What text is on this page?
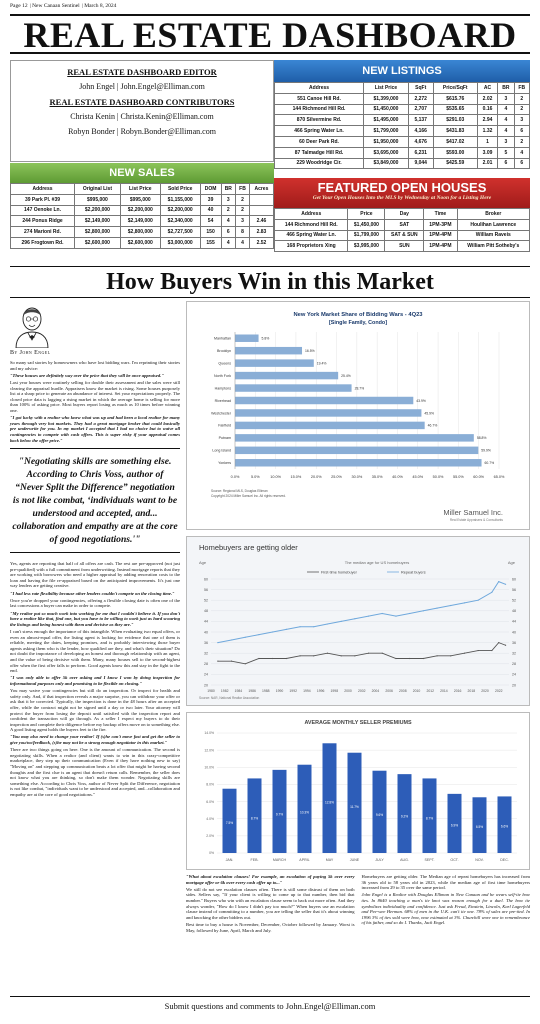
Page 12 | New Canaan Sentinel | March 8, 2024
REAL ESTATE DASHBOARD
REAL ESTATE DASHBOARD EDITOR
John Engel | John.Engel@Elliman.com
REAL ESTATE DASHBOARD CONTRIBUTORS
Christa Kenin | Christa.Kenin@Elliman.com
Robyn Bonder | Robyn.Bonder@Elliman.com
NEW LISTINGS
Address	List Price	SqFt	Price/SqFt	AC	BR	FB
551 Canoe Hill Rd.	$1,399,000	2,272	$615.76	2.02	3	2
144 Richmond Hill Rd.	$1,450,000	2,707	$535.65	0.16	4	2
870 Silvermine Rd.	$1,495,000	5,137	$291.03	2.94	4	3
466 Spring Water Ln.	$1,799,000	4,166	$431.83	1.32	4	6
60 Deer Park Rd.	$1,950,000	4,676	$417.02	1	3	2
87 Talmadge Hill Rd.	$3,695,000	6,231	$593.00	3.09	5	4
229 Woodridge Cir.	$3,849,000	9,044	$425.59	2.01	6	6
NEW SALES
Address	Original List	List Price	Sold Price	DOM	BR	FB	Acres
39 Park Pl. #39	$995,000	$995,000	$1,155,000	39	3	2	
147 Oenoke Ln.	$2,200,000	$2,200,000	$2,200,000	40	2	2	
244 Ponus Ridge	$2,149,000	$2,149,000	$2,340,000	54	4	3	2.46
274 Marioni Rd.	$2,800,000	$2,800,000	$2,727,500	150	6	8	2.83
296 Frogtown Rd.	$2,600,000	$2,600,000	$3,000,000	155	4	4	2.52
FEATURED OPEN HOUSES
Get Your Open Houses Into the MLS by Wednesday at Noon for a Listing Here
Address	Price	Day	Time	Broker
144 Richmond Hill Rd.	$1,450,000	SAT	1PM-3PM	Houlihan Lawrence
466 Spring Water Ln.	$1,799,000	SAT & SUN	1PM-4PM	William Raveis
168 Proprietors Xing	$3,995,000	SUN	1PM-4PM	William Pitt Sotheby's
How Buyers Win in this Market
By John Engel

So many sad stories by homeowners who have lost bidding wars. I'm reprinting their stories and my advice:

"These houses are definitely way over the price that they will be once appraised."

Last year houses were routinely selling for double their assessment and the sales were still clearing the appraisal hurdle. Appraisers know the market is rising. Some houses purposely list at a sharp price to generate an abundance of interest. Set your expectations properly. The closed price data is lagging a rising market in which the average home is selling for more than 100% of asking price. Most buyers report losing as much as 10 times before winning one.

"I got lucky with a realtor who knew what was up and had been a local realtor for many years through very hot markets. They had a great mortgage broker that could basically pre underwrite for you. In my market I accepted that I had no choice but to waive all contingencies to compete with cash offers. This is super risky if your appraisal comes back below the offer price."

"Negotiating skills are something else. According to Chris Voss, author of “Never Split the Difference” negotiation is not like combat, ‘individuals want to be understood and accepted, and... collaboration and empathy are at the core of good negotiations.'"

Yes, agents are reporting that half of all offers are cash. The rest are pre-approved (not just pre-qualified) with a full commitment from underwriting. Instead mortgage reports that they are working with borrowers who need a higher appraisal by adding renovation costs to the loan and having the file re-appraised based on the anticipated improvements. It's just one way lenders are getting creative.

"I had less rate flexibility because other lenders couldn't compete on the closing time."

Once you're dropped your contingencies, offering a flexible closing date is often one of the last concessions a buyer can make in order to compete.

"My realtor put so much work into working for me that I couldn't believe it. If you don't have a realtor like that, find one, but you have to be willing to work just as hard scouring the listings and being honest with them and decisive as they are."

I can't stress enough the importance of this intangible. When evaluating two equal offers, or even an almost-equal offer, the listing agent is looking for evidence that one of them is reliable, meeting the dates, keeping promises, and is probably interviewing those buyer agents asking them who is the lender, how qualified are they, and what's their situation? Do not doubt the importance of developing an honest and thorough relationship with an agent, and the value of being decisive with them. Many, many houses sell to the second-highest offer when the first offer falls to perform. Good agents know this and stay in the fight to the end.

"I was only able to offer 5k over asking and I know I won by doing inspection for informational purposes only and promising to be flexible on closing."

You may waive your contingencies but still do an inspection. Or inspect for health and safety only. And, if that inspection reveals a major surprise, you can withdraw your offer or ask that it be corrected. Typically, the inspection is done in the 48 hours after an accepted offer, while the contract might not be signed until a day or two later. Your attorney will protect the buyer from losing the deposit until satisfied with the inspection report and confident the transaction will go through. As a seller I expect my buyers to do their inspection and complete their diligence before my backup offers move on to something else. A good listing agent holds the buyers feet to the fire.

"You may also need to change your realtor! If (s)he can't move fast and get the seller to give you/no/feedback, (s)he may not be a strong enough negotiator in this market."

There are two things going on here. One is the amount of communication. The second is negotiating skills. When a realtor (and client) wants to win in this crazy-competitive marketplace, they step up their communication (Even if they have nothing new to say) "Moving on" and stepping up communication beats a lot offer that might be having second thoughts and the first clue is an agent that doesn't return calls. Remember, the seller does not know what you are thinking, so don't make them wonder. Negotiating skills are something else. According to Chris Voss, author of Never Split the Difference, negotiation is not like combat, "individuals want to be understood and accepted, and...collaboration and empathy are at the core of good negotiations."

New York Market Share of Bidding Wars - 4Q23
[Single Family, Condo]
0.0%	5.0%	10.0%	15.0%	20.0%	25.0%	30.0%	35.0%	40.0%	45.0%	50.0%	55.0%	60.0%	65.0%
Manhattan	5.8%
Brooklyn	16.5%
Queens	19.4%
North Fork	25.4%
Hamptons	28.7%
Riverhead	43.9%
Westchester	45.9%
Fairfield	46.7%
Putnam	58.8%
Long Island	59.9%
Yonkers	60.7%
Source: Regional MLS, Douglas Elliman
Copyright 2024 Miller Samuel Inc. All rights reserved.
Miller Samuel Inc.
Real Estate Appraisers & Consultants
Homebuyers are getting older
Age	Age
The median age for US homebuyers
First-time homebuyer	Repeat buyers
20	20
24	24
28	28
32	32
36	36
40	40
44	44
48	48
52	52
56	56
60	60
1980 1982 1984 1986 1988 1990 1992 1994 1996 1998 2000 2002 2004 2006 2008 2010 2012 2014 2016 2018 2020 2022
Source: NAR, National Realtor Association
AVERAGE MONTHLY SELLER PREMIUMS
0%
2.0%
4.0%
6.0%
8.0%
10.0%
12.0%
14.0%
7.5%
JAN.
8.7%
FEB.
9.7%
MARCH
10.3%
APRIL
12.8%
MAY
11.7%
JUNE
9.6%
JULY
9.2%
AUG.
8.7%
SEPT.
6.9%
OCT.
6.5%
NOV.
6.6%
DEC.

"What about escalation clauses! For example, an escalation of paying 5k over every mortgage offer or 6k over every cash offer up to..."

We still do not see escalation clauses often. There is still some distrust of them on both sides. Sellers say, "If your client is willing to come up to that number, then bid that number." Buyers who win with an escalation clause seem to back out more often. And they always wonder, "How do I know I didn't pay too much?" When buyers use an escalation clause instead of committing to a number, you are telling the seller that it's about winning and knocking the other bidders out.

Best time to buy a house is November, December, October followed by January. Worst is May, followed by June, April, March and July.

Homebuyers are getting older. The Median age of repeat homebuyers has increased from 36 years old to 58 years old in 2023, while the median age of first time homebuyers increased from 29 to 35 over the same period.

John Engel is a Realtor with Douglas Elliman in New Canaan and he wears self-tie bow ties. In 8640 teaching a man's tie knot was reason enough for a duel. The bow tie symbolizes individuality and confidence. Just ask Freud, Einstein, Lincoln, Karl Lagerfeld and Pee-wee Herman. 68% of men in the U.K. can't tie one. 78% of sales are pre-tied. In 1996 3% of ties sold were bow, now estimated at 3%. Churchill wore one in remembrance of his father, and so do I. Thanks, Jack Engel.

Submit questions and comments to John.Engel@Elliman.com
